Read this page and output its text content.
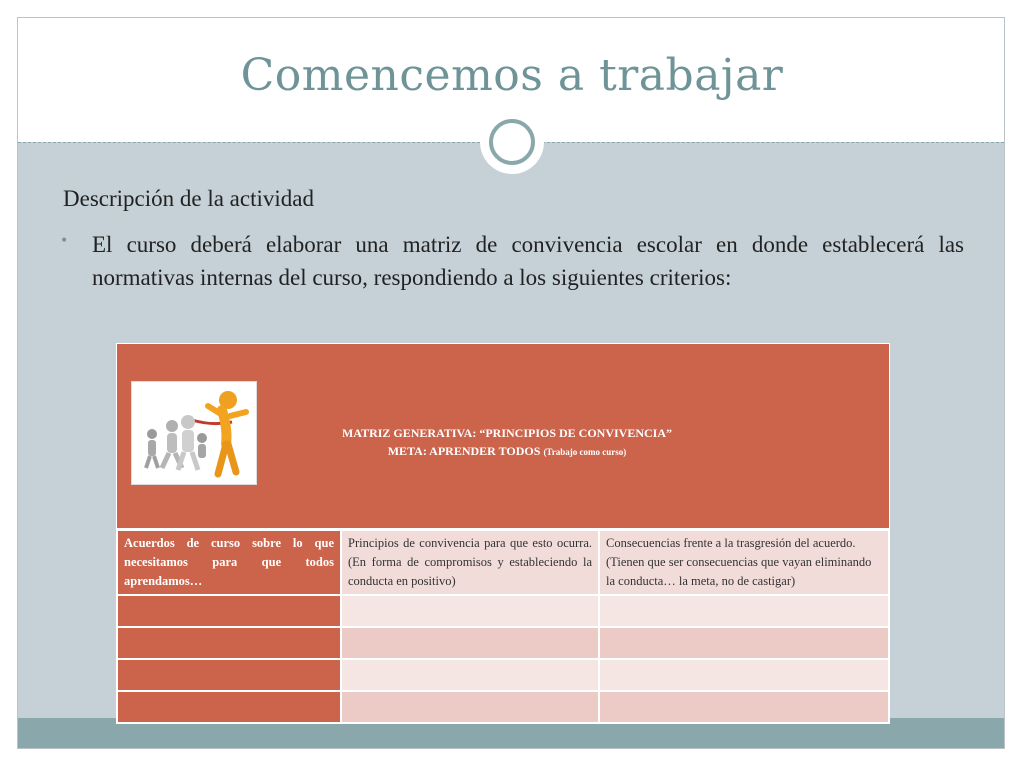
Comencemos a trabajar
Descripción de la actividad
• El curso deberá elaborar una matriz de convivencia escolar en donde establecerá las normativas internas del curso, respondiendo a los siguientes criterios:
MATRIZ GENERATIVA: “PRINCIPIOS DE CONVIVENCIA”
META: APRENDER TODOS (Trabajo como curso)
Acuerdos de curso sobre lo que necesitamos para que todos aprendamos…	Principios de convivencia para que esto ocurra. (En forma de compromisos y estableciendo la conducta en positivo)	Consecuencias frente a la trasgresión del acuerdo. (Tienen que ser consecuencias que vayan eliminando la conducta… la meta, no de castigar)
